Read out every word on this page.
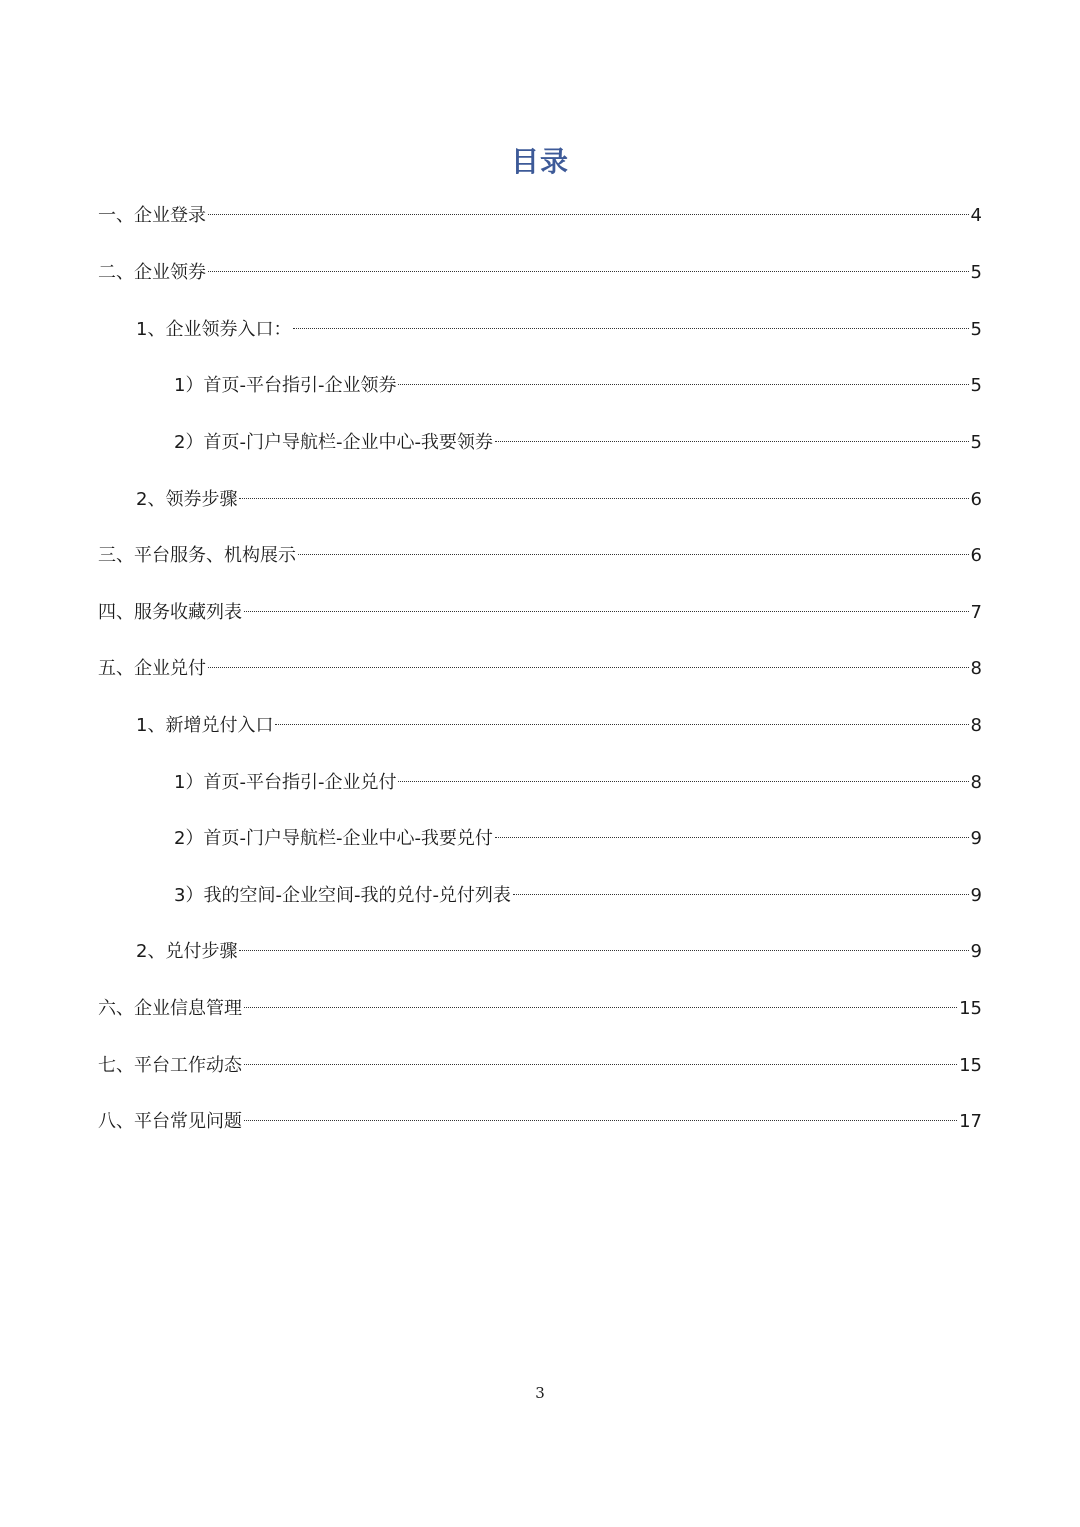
目录
一、企业登录	4
二、企业领券	5
1、企业领券入口：	5
1）首页-平台指引-企业领券	5
2）首页-门户导航栏-企业中心-我要领券	5
2、领券步骤	6
三、平台服务、机构展示	6
四、服务收藏列表	7
五、企业兑付	8
1、新增兑付入口	8
1）首页-平台指引-企业兑付	8
2）首页-门户导航栏-企业中心-我要兑付	9
3）我的空间-企业空间-我的兑付-兑付列表	9
2、兑付步骤	9
六、企业信息管理	15
七、平台工作动态	15
八、平台常见问题	17
3
